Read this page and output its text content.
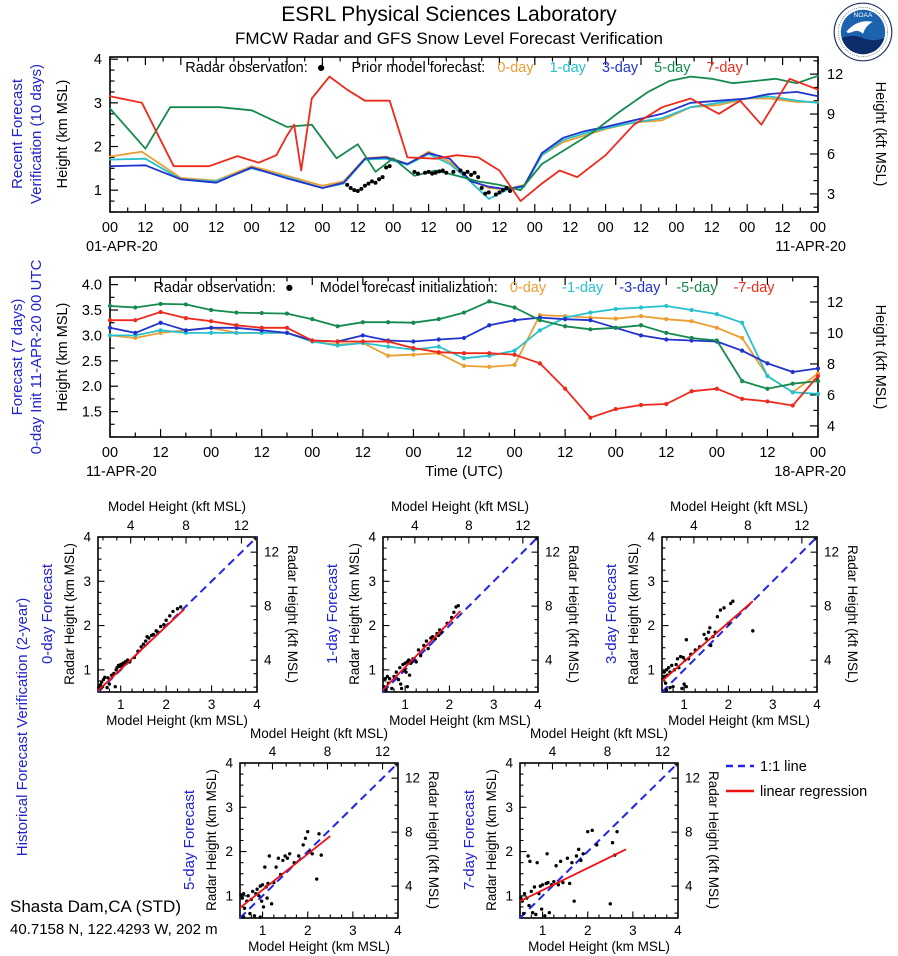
Radar observation: ● Prior model forecast: 0-day 1-day 3-day 5-day 7-day
1
2
3
4
3
6
9
12
00 12 00 12 00 12 00 12 00 12 00 12 00 12 00 12 00 12 00 12 00
01-APR-20	11-APR-20
Radar observation: ● Model forecast initialization: 0-day -1-day -3-day -5-day -7-day
1.5
2.0
2.5
3.0
3.5
4.0
4
6
8
10
12
00 12 00 12 00 12 00 12 00 12 00 12 00 12 00
11-APR-20	18-APR-20
Time (UTC)
1
1
2
2
3
3
4
4
4
4
8
8
12
12
1
1
2
2
3
3
4
4
4
4
8
8
12
12
1
1
2
2
3
3
4
4
4
4
8
8
12
12
1
1
2
2
3
3
4
4
4
4
8
8
12
12
1
1
2
2
3
3
4
4
4
4
8
8
12
12
Recent Forecast Verification (10 days) Height (km MSL)	Height (kft MSL)
Forecast (7 days) 0-day Init 11-APR-20 00 UTC Height (km MSL)	Height (kft MSL)
Historical Forecast Verification (2-year) 0-day Forecast	1-day Forecast	3-day Forecast
5-day Forecast	7-day Forecast
Radar Height (km MSL)	Radar Height (km MSL)	Radar Height (km MSL)
Radar Height (km MSL)	Radar Height (km MSL)
Radar Height (kft MSL)	Radar Height (kft MSL)	Radar Height (kft MSL)
Radar Height (kft MSL)	Radar Height (kft MSL)
Model Height (kft MSL)	Model Height (kft MSL)	Model Height (kft MSL)
Model Height (kft MSL)	Model Height (kft MSL)
Model Height (km MSL)	Model Height (km MSL)	Model Height (km MSL)
Model Height (km MSL)	Model Height (km MSL)
1:1 line
linear regression
ESRL Physical Sciences Laboratory
FMCW Radar and GFS Snow Level Forecast Verification
NOAA
Shasta Dam,CA (STD)
40.7158 N, 122.4293 W, 202 m
